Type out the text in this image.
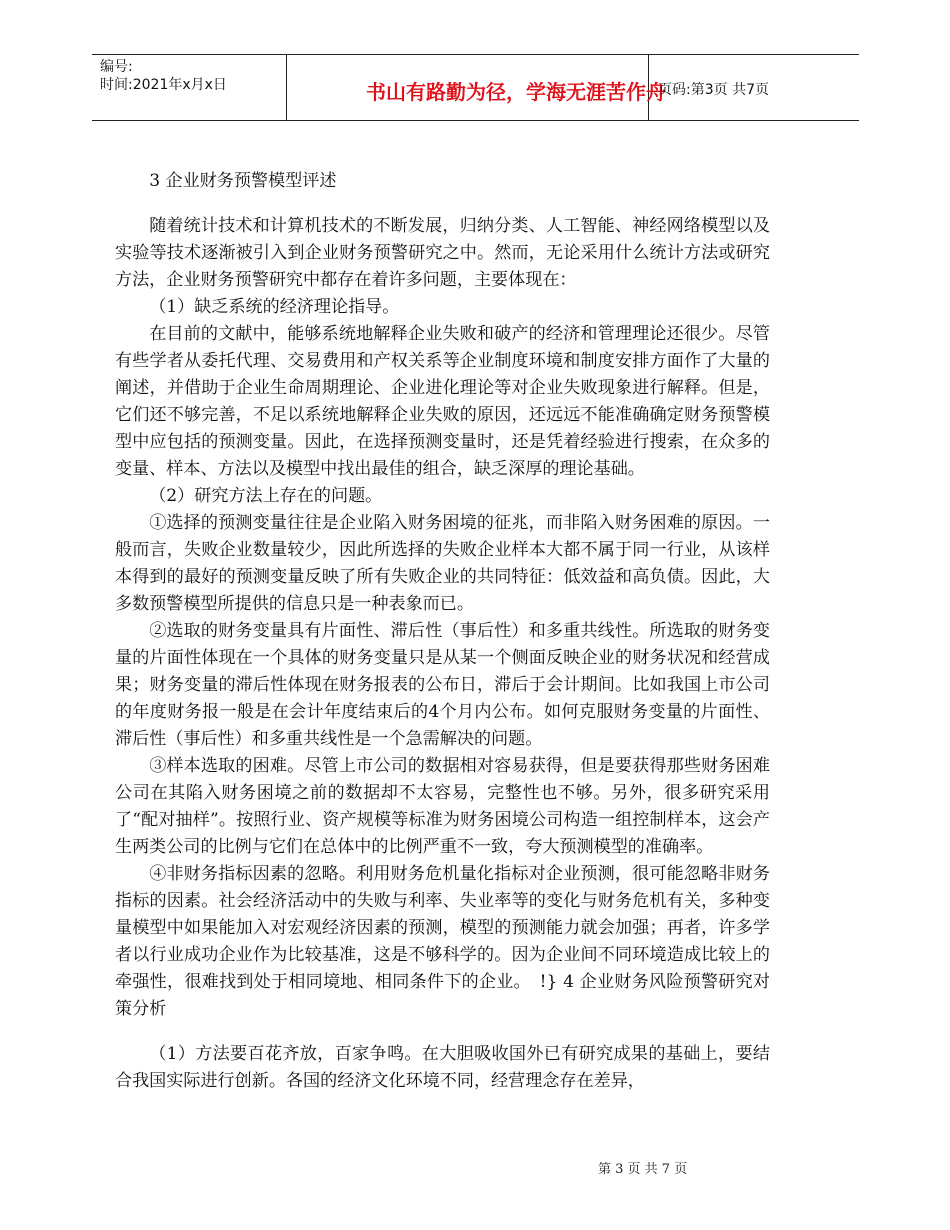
编号:
时间:2021年x月x日	书山有路勤为径，学海无涯苦作舟
页码:第3页 共7页

3 企业财务预警模型评述

随着统计技术和计算机技术的不断发展，归纳分类、人工智能、神经网络模型以及实验等技术逐渐被引入到企业财务预警研究之中。然而，无论采用什么统计方法或研究方法，企业财务预警研究中都存在着许多问题，主要体现在：

（1）缺乏系统的经济理论指导。

在目前的文献中，能够系统地解释企业失败和破产的经济和管理理论还很少。尽管有些学者从委托代理、交易费用和产权关系等企业制度环境和制度安排方面作了大量的阐述，并借助于企业生命周期理论、企业进化理论等对企业失败现象进行解释。但是，它们还不够完善，不足以系统地解释企业失败的原因，还远远不能准确确定财务预警模型中应包括的预测变量。因此，在选择预测变量时，还是凭着经验进行搜索，在众多的变量、样本、方法以及模型中找出最佳的组合，缺乏深厚的理论基础。

（2）研究方法上存在的问题。

①选择的预测变量往往是企业陷入财务困境的征兆，而非陷入财务困难的原因。一般而言，失败企业数量较少，因此所选择的失败企业样本大都不属于同一行业，从该样本得到的最好的预测变量反映了所有失败企业的共同特征：低效益和高负债。因此，大多数预警模型所提供的信息只是一种表象而已。

②选取的财务变量具有片面性、滞后性（事后性）和多重共线性。所选取的财务变量的片面性体现在一个具体的财务变量只是从某一个侧面反映企业的财务状况和经营成果；财务变量的滞后性体现在财务报表的公布日，滞后于会计期间。比如我国上市公司的年度财务报一般是在会计年度结束后的4个月内公布。如何克服财务变量的片面性、滞后性（事后性）和多重共线性是一个急需解决的问题。

③样本选取的困难。尽管上市公司的数据相对容易获得，但是要获得那些财务困难公司在其陷入财务困境之前的数据却不太容易，完整性也不够。另外，很多研究采用了“配对抽样”。按照行业、资产规模等标准为财务困境公司构造一组控制样本，这会产生两类公司的比例与它们在总体中的比例严重不一致，夸大预测模型的准确率。

④非财务指标因素的忽略。利用财务危机量化指标对企业预测，很可能忽略非财务指标的因素。社会经济活动中的失败与利率、失业率等的变化与财务危机有关，多种变量模型中如果能加入对宏观经济因素的预测，模型的预测能力就会加强；再者，许多学者以行业成功企业作为比较基准，这是不够科学的。因为企业间不同环境造成比较上的牵强性，很难找到处于相同境地、相同条件下的企业。　!} 4 企业财务风险预警研究对策分析

（1）方法要百花齐放，百家争鸣。在大胆吸收国外已有研究成果的基础上，要结合我国实际进行创新。各国的经济文化环境不同，经营理念存在差异，

第 3 页 共 7 页
